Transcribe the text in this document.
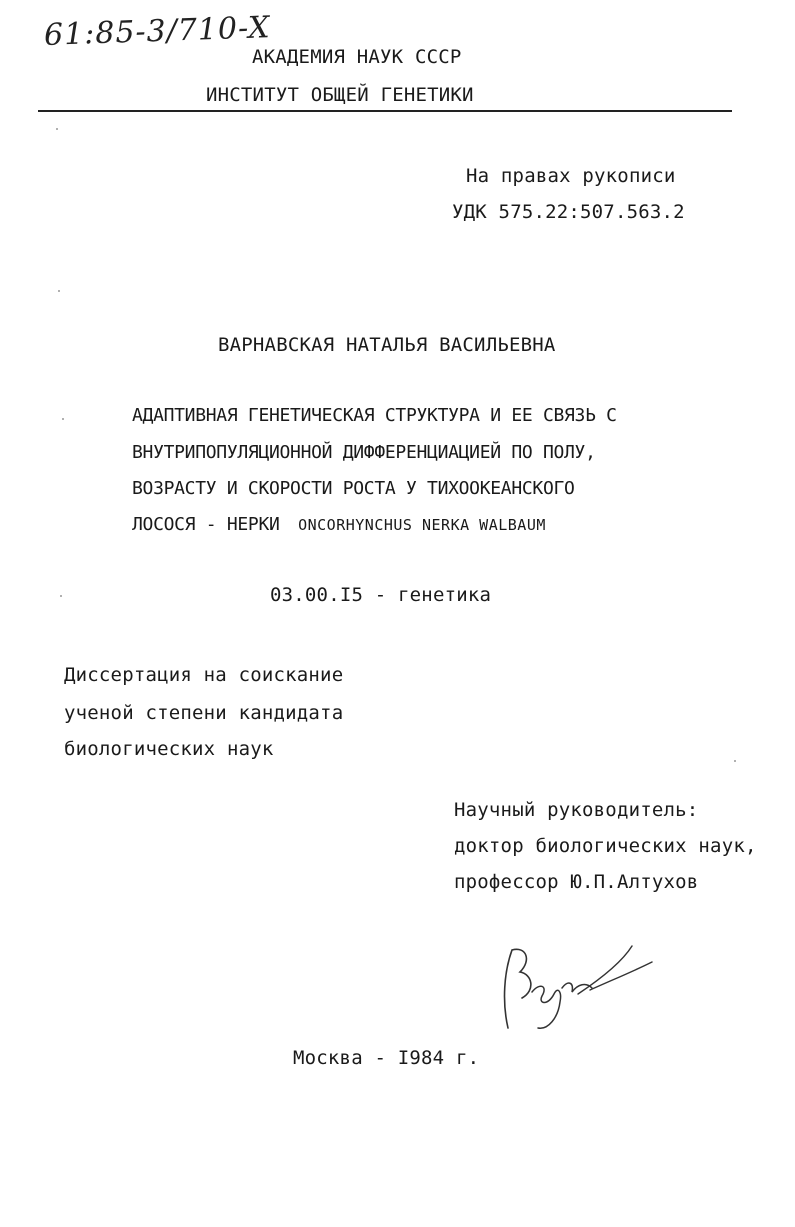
61:85-3/710-X
АКАДЕМИЯ НАУК СССР
ИНСТИТУТ ОБЩЕЙ ГЕНЕТИКИ
На правах рукописи
УДК 575.22:507.563.2
ВАРНАВСКАЯ НАТАЛЬЯ ВАСИЛЬЕВНА
АДАПТИВНАЯ ГЕНЕТИЧЕСКАЯ СТРУКТУРА И ЕЕ СВЯЗЬ С
ВНУТРИПОПУЛЯЦИОННОЙ ДИФФЕРЕНЦИАЦИЕЙ ПО ПОЛУ,
ВОЗРАСТУ И СКОРОСТИ РОСТА У ТИХООКЕАНСКОГО
ЛОСОСЯ - НЕРКИ ONCORHYNCHUS NERKA WALBAUM
03.00.I5 - генетика
Диссертация на соискание
ученой степени кандидата
биологических наук
Научный руководитель:
доктор биологических наук,
профессор Ю.П.Алтухов
Москва - I984 г.
